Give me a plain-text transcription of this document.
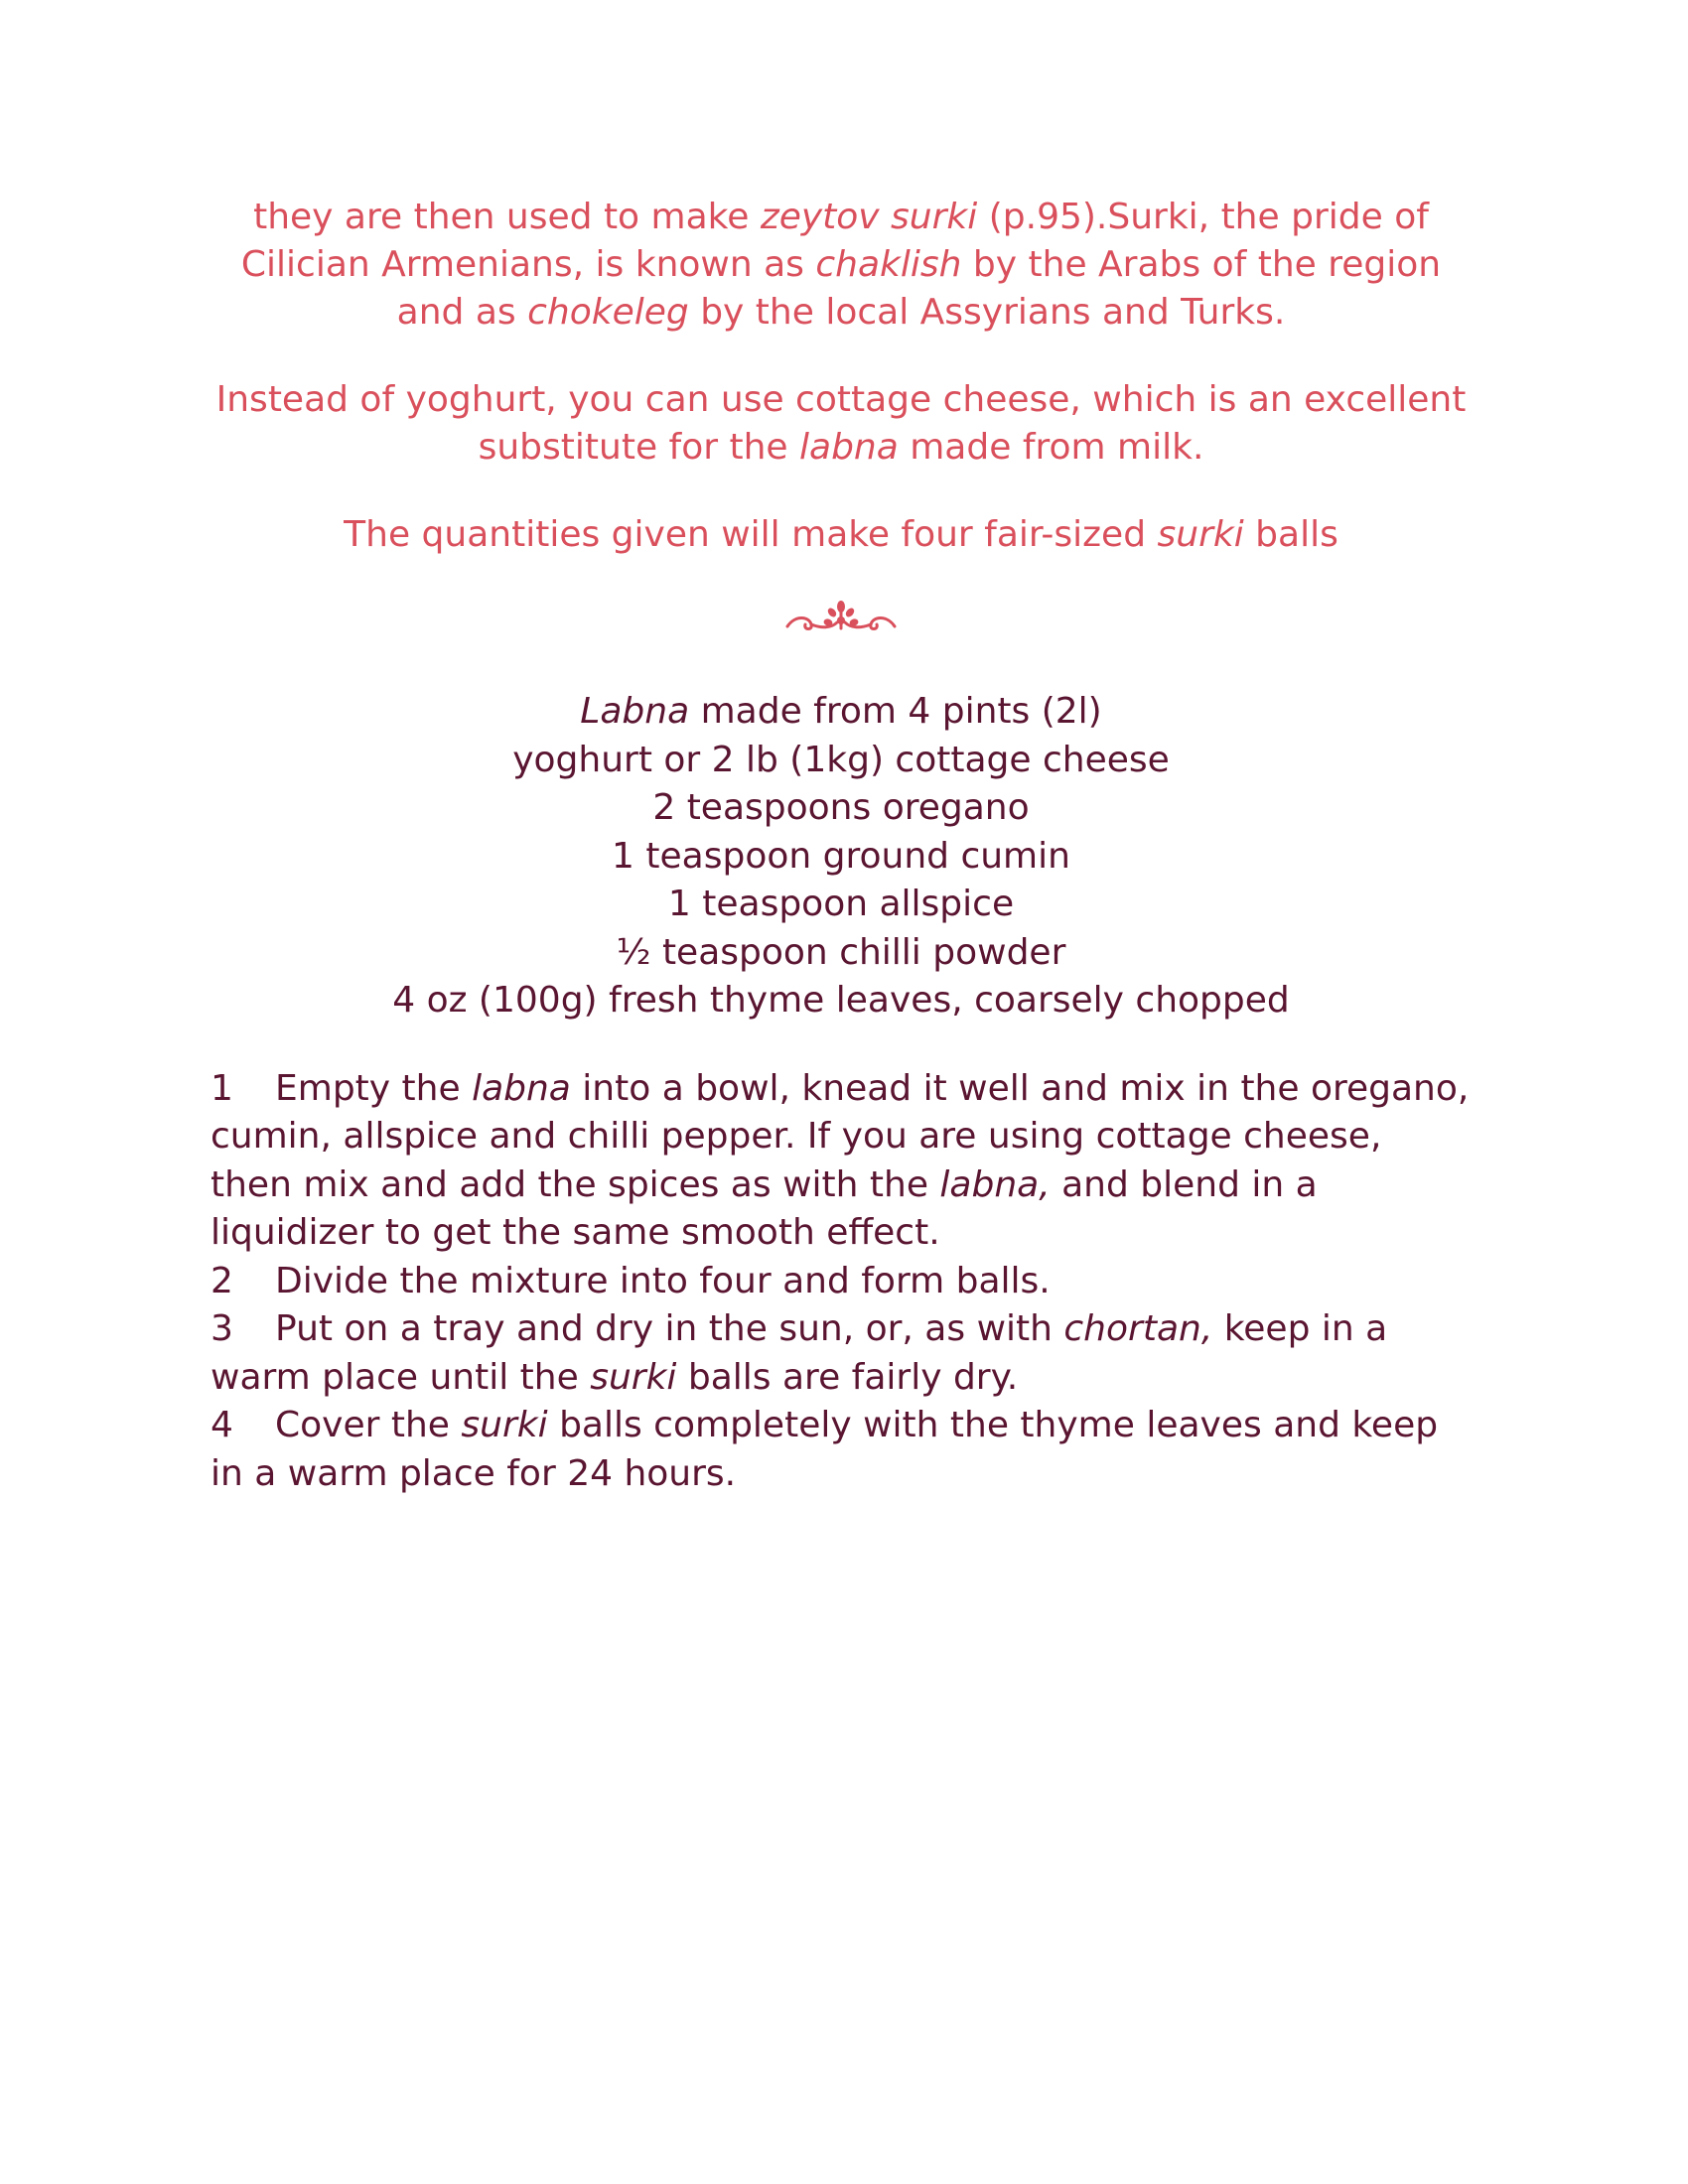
they are then used to make zeytov surki (p.95).Surki, the pride of Cilician Armenians, is known as chaklish by the Arabs of the region and as chokeleg by the local Assyrians and Turks.

Instead of yoghurt, you can use cottage cheese, which is an excellent substitute for the labna made from milk.

The quantities given will make four fair-sized surki balls

Labna made from 4 pints (2l)
yoghurt or 2 lb (1kg) cottage cheese
2 teaspoons oregano
1 teaspoon ground cumin
1 teaspoon allspice
½ teaspoon chilli powder
4 oz (100g) fresh thyme leaves, coarsely chopped

1 Empty the labna into a bowl, knead it well and mix in the oregano, cumin, allspice and chilli pepper. If you are using cottage cheese, then mix and add the spices as with the labna, and blend in a liquidizer to get the same smooth effect.

2 Divide the mixture into four and form balls.

3 Put on a tray and dry in the sun, or, as with chortan, keep in a warm place until the surki balls are fairly dry.

4 Cover the surki balls completely with the thyme leaves and keep in a warm place for 24 hours.
